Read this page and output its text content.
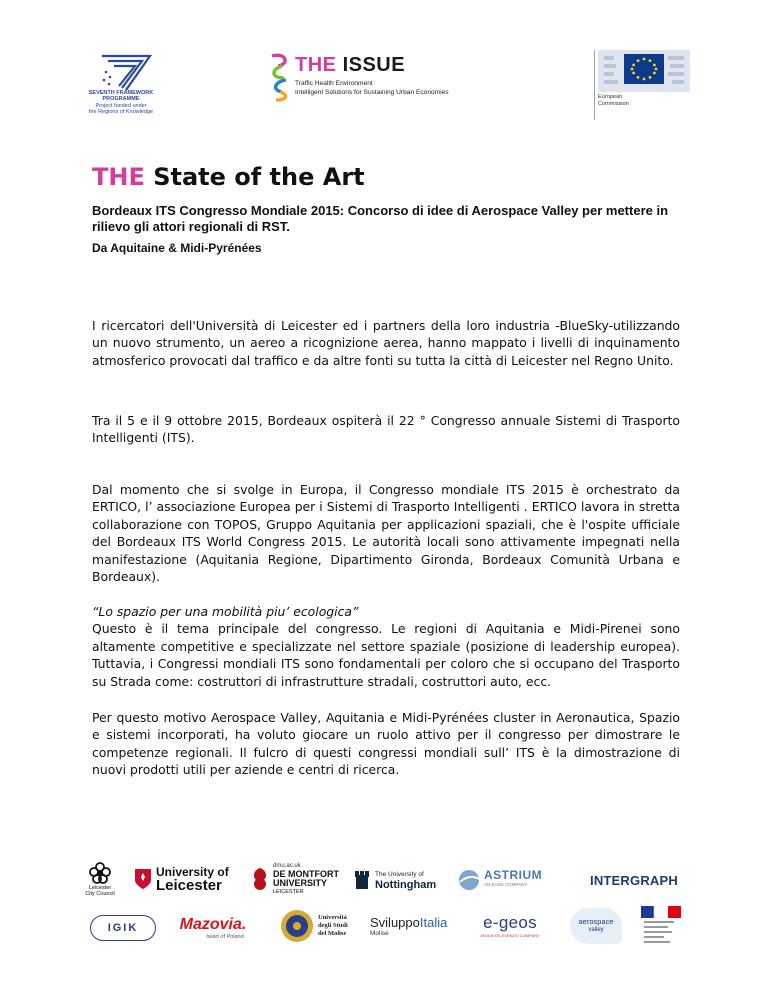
SEVENTH FRAMEWORK
PROGRAMME
Project funded under
the Regions of Knowledge
THE ISSUE
Traffic Health Environment
Intelligent Solutions for Sustaining Urban Economies
European
Commission
THE State of the Art
Bordeaux ITS Congresso Mondiale 2015: Concorso di idee di Aerospace Valley per mettere in rilievo gli attori regionali di RST.
Da Aquitaine & Midi-Pyrénées
I ricercatori dell'Università di Leicester ed i partners della loro industria -BlueSky-utilizzando un nuovo strumento, un aereo a ricognizione aerea, hanno mappato i livelli di inquinamento atmosferico provocati dal traffico e da altre fonti su tutta la città di Leicester nel Regno Unito.
Tra il 5 e il 9 ottobre 2015, Bordeaux ospiterà il 22 ° Congresso annuale Sistemi di Trasporto Intelligenti (ITS).
Dal momento che si svolge in Europa, il Congresso mondiale ITS 2015 è orchestrato da ERTICO, l’ associazione Europea per i Sistemi di Trasporto Intelligenti . ERTICO lavora in stretta collaborazione con TOPOS, Gruppo Aquitania per applicazioni spaziali, che è l'ospite ufficiale del Bordeaux ITS World Congress 2015. Le autorità locali sono attivamente impegnati nella manifestazione (Aquitania Regione, Dipartimento Gironda, Bordeaux Comunità Urbana e Bordeaux).
“Lo spazio per una mobilità piu’ ecologica”
Questo è il tema principale del congresso. Le regioni di Aquitania e Midi-Pirenei sono altamente competitive e specializzate nel settore spaziale (posizione di leadership europea). Tuttavia, i Congressi mondiali ITS sono fondamentali per coloro che si occupano del Trasporto su Strada come: costruttori di infrastrutture stradali, costruttori auto, ecc.
Per questo motivo Aerospace Valley, Aquitania e Midi-Pyrénées cluster in Aeronautica, Spazio e sistemi incorporati, ha voluto giocare un ruolo attivo per il congresso per dimostrare le competenze regionali. Il fulcro di questi congressi mondiali sull’ ITS è la dimostrazione di nuovi prodotti utili per aziende e centri di ricerca.
Leicester
City Council
University of
Leicester
dmu.ac.uk
DE MONTFORT
UNIVERSITY
LEICESTER
The University of
Nottingham
ASTRIUM
AN EADS COMPANY	INTERGRAPH
IGIK	Mazovia.
heart of Poland
Università
degli Studi
del Molise
SviluppoItalia
Molise
e-geos
AN ASI/TELESPAZIO COMPANY
aerospace
valley
